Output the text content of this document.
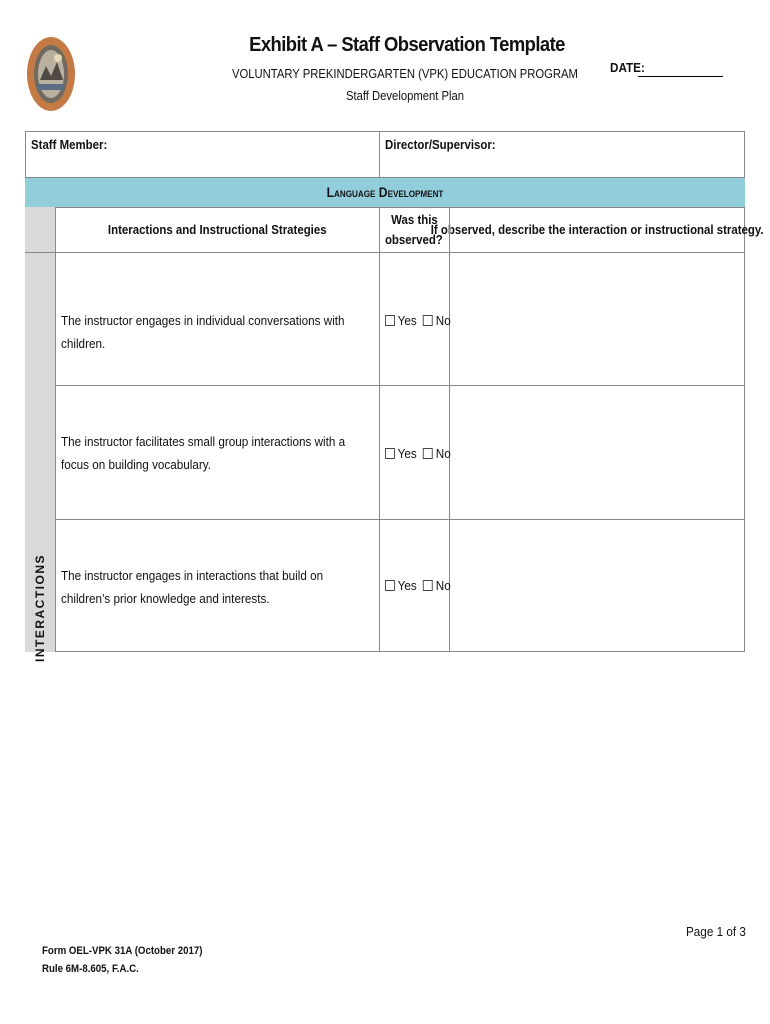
Exhibit A – Staff Observation Template
VOLUNTARY PREKINDERGARTEN (VPK) EDUCATION PROGRAM
Staff Development Plan
DATE:
Staff Member:	Director/Supervisor:
Language Development
Interactions and Instructional Strategies
Was this
observed?
If observed, describe the interaction or instructional strategy.
INTERACTIONS
The instructor engages in individual conversations with children.
Yes No
The instructor facilitates small group interactions with a focus on building vocabulary.
Yes No
The instructor engages in interactions that build on children’s prior knowledge and interests.
Yes No
Form OEL-VPK 31A (October 2017)
Rule 6M-8.605, F.A.C.
Page 1 of 3
